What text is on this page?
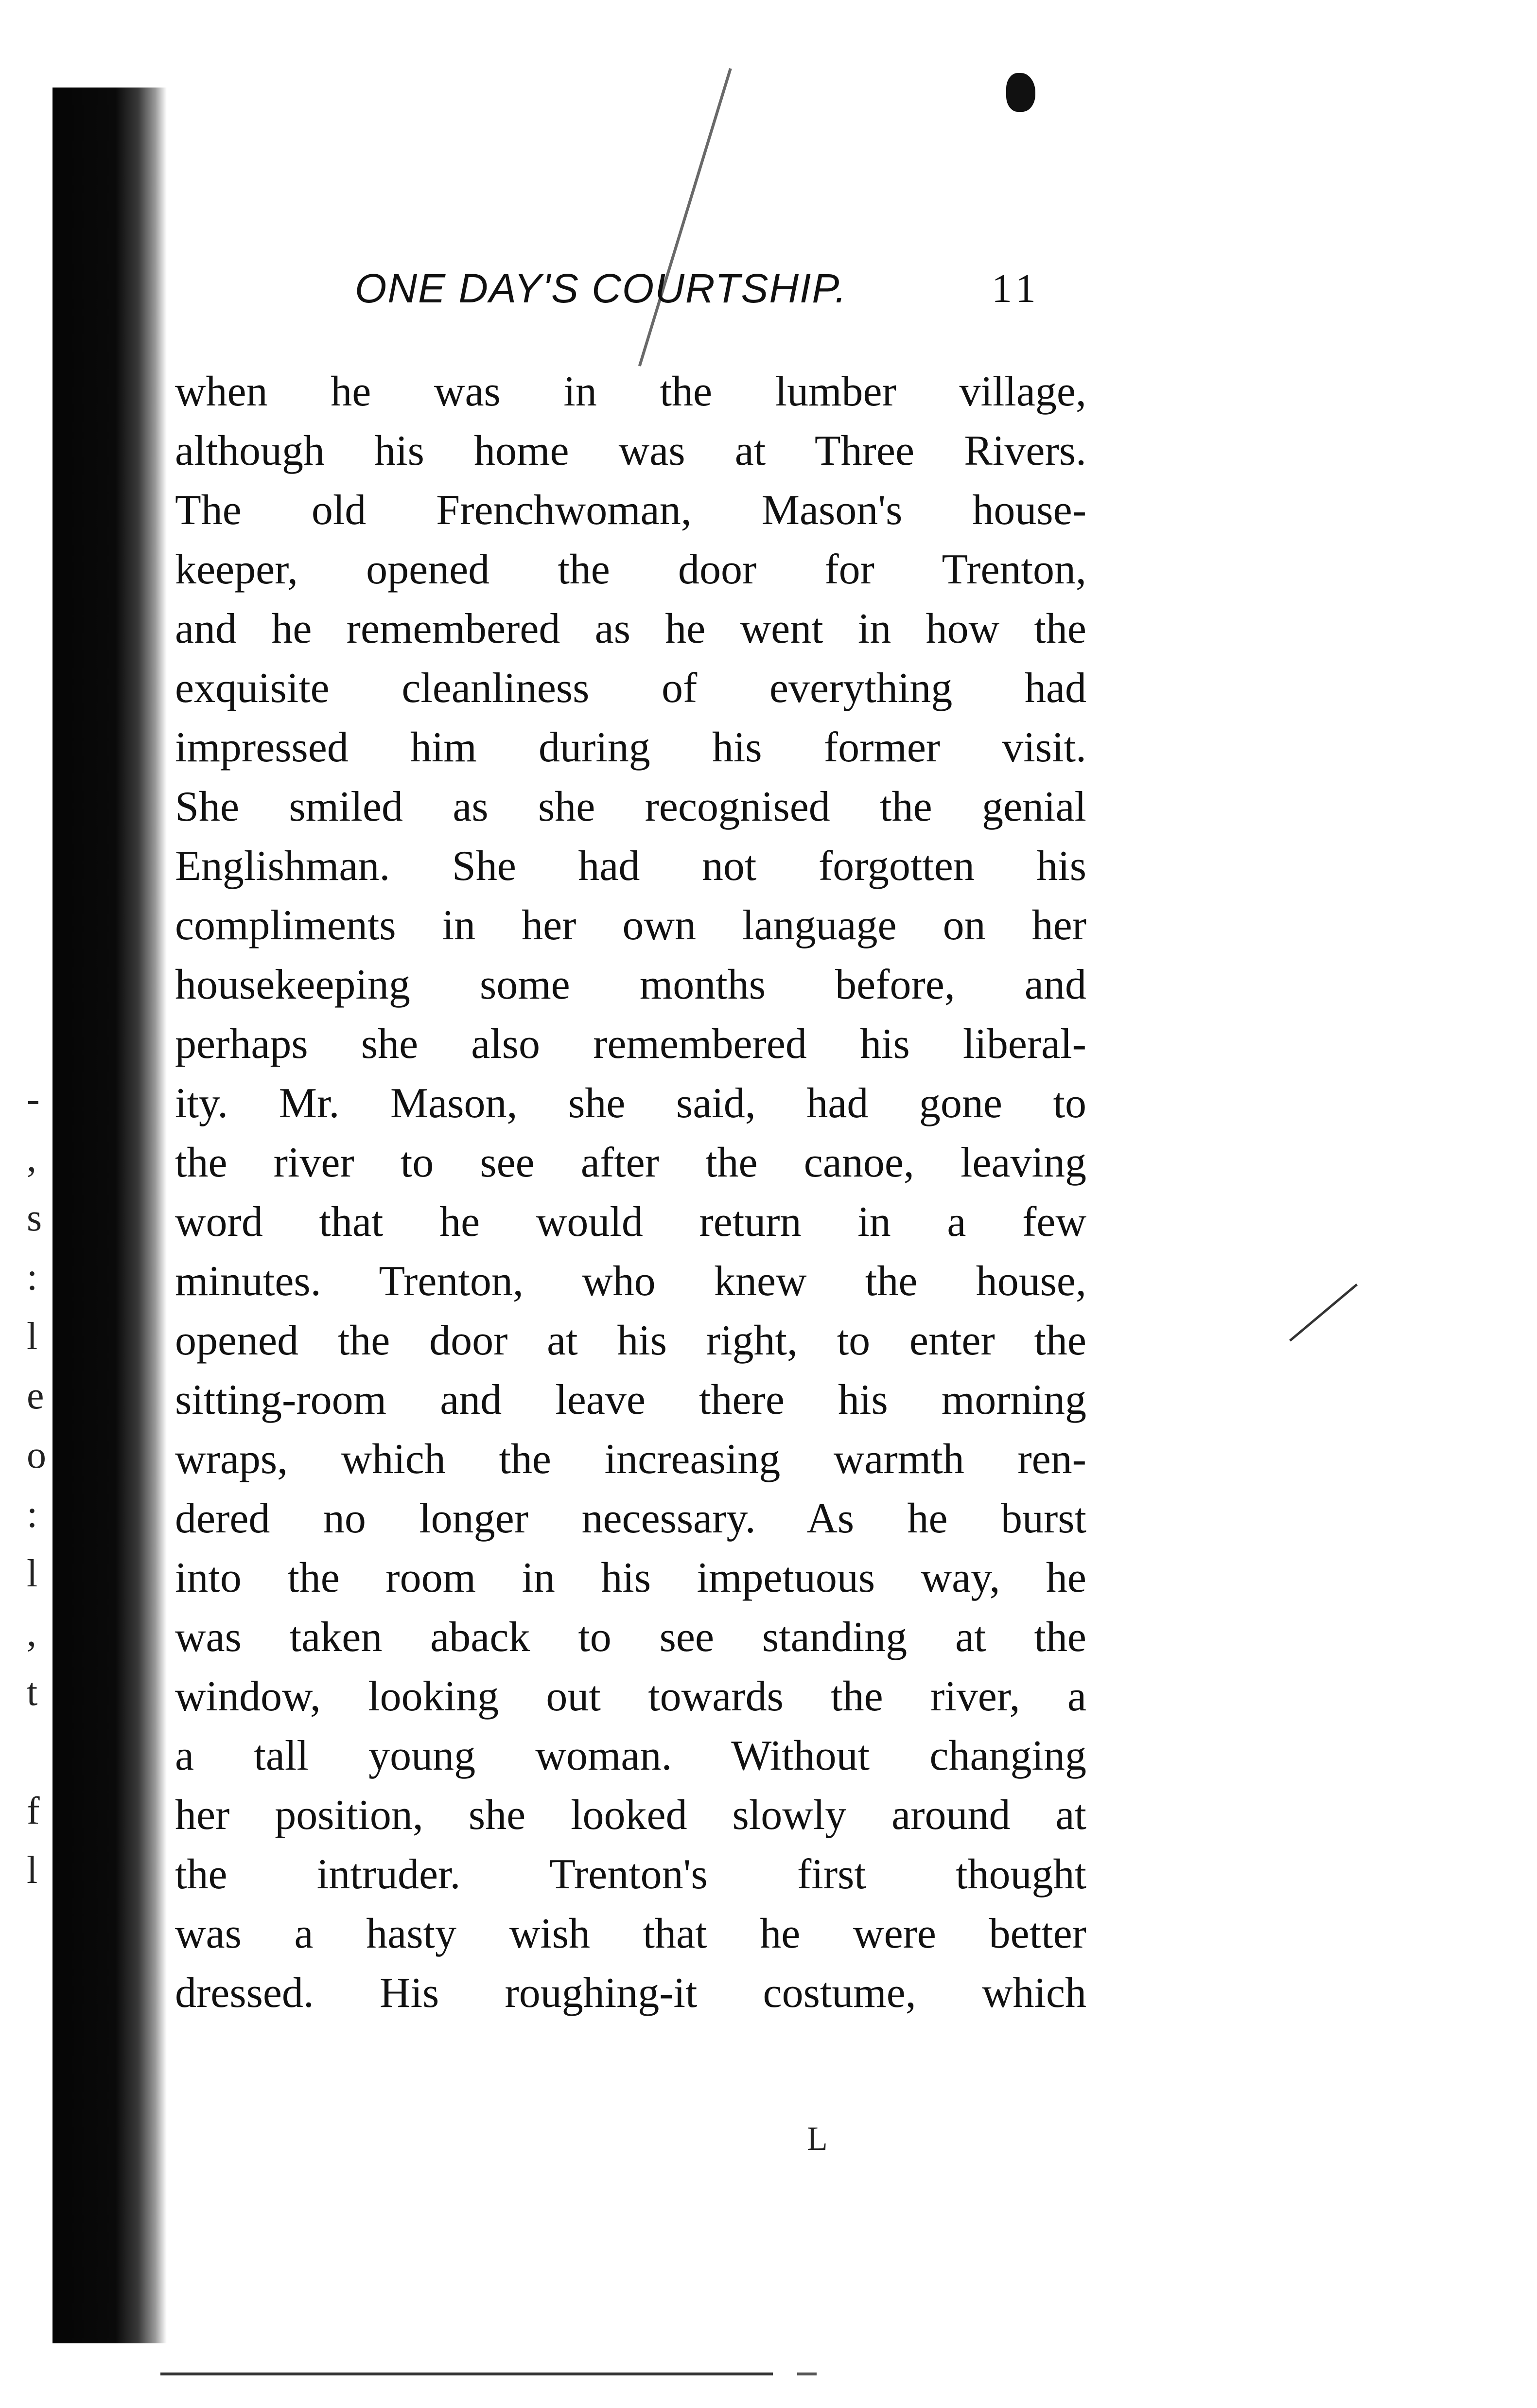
-
,
s
:
l
e
o
:
l
,
t
f
l
ONE DAY'S COURTSHIP.	11
when he was in the lumber village,
although his home was at Three Rivers.
The old Frenchwoman, Mason's house-
keeper, opened the door for Trenton,
and he remembered as he went in how the
exquisite cleanliness of everything had
impressed him during his former visit.
She smiled as she recognised the genial
Englishman. She had not forgotten his
compliments in her own language on her
housekeeping some months before, and
perhaps she also remembered his liberal-
ity. Mr. Mason, she said, had gone to
the river to see after the canoe, leaving
word that he would return in a few
minutes. Trenton, who knew the house,
opened the door at his right, to enter the
sitting-room and leave there his morning
wraps, which the increasing warmth ren-
dered no longer necessary. As he burst
into the room in his impetuous way, he
was taken aback to see standing at the
window, looking out towards the river, a
a tall young woman. Without changing
her position, she looked slowly around at
the intruder. Trenton's first thought
was a hasty wish that he were better
dressed. His roughing-it costume, which
L
